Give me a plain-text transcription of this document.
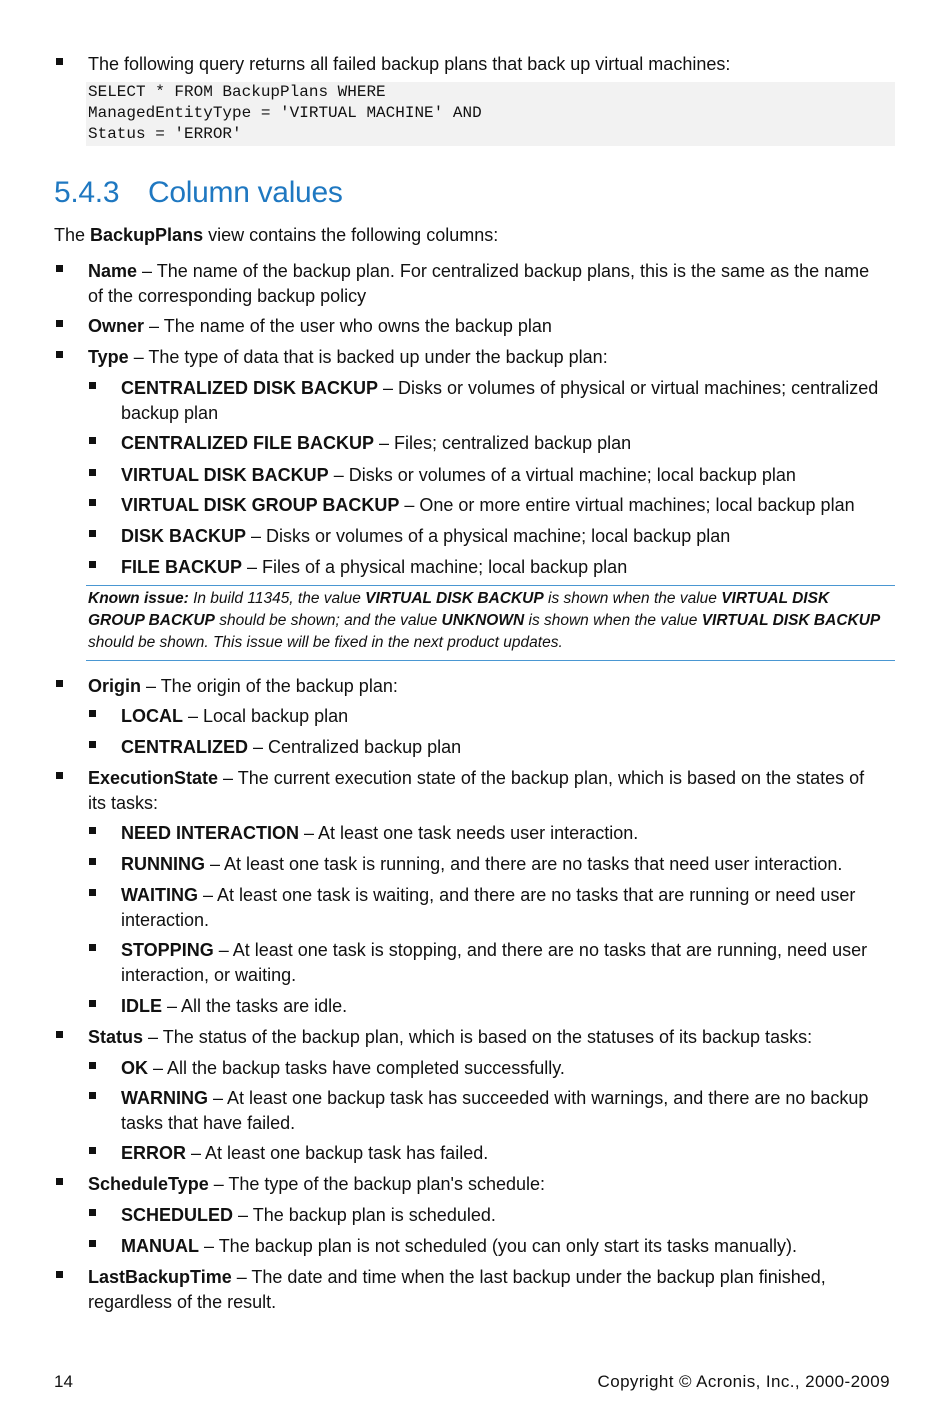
The following query returns all failed backup plans that back up virtual machines:
SELECT * FROM BackupPlans WHERE
ManagedEntityType = 'VIRTUAL MACHINE' AND
Status = 'ERROR'
5.4.3 Column values
The BackupPlans view contains the following columns:
Name – The name of the backup plan. For centralized backup plans, this is the same as the name
of the corresponding backup policy
Owner – The name of the user who owns the backup plan
Type – The type of data that is backed up under the backup plan:
CENTRALIZED DISK BACKUP – Disks or volumes of physical or virtual machines; centralized
backup plan
CENTRALIZED FILE BACKUP – Files; centralized backup plan
VIRTUAL DISK BACKUP – Disks or volumes of a virtual machine; local backup plan
VIRTUAL DISK GROUP BACKUP – One or more entire virtual machines; local backup plan
DISK BACKUP – Disks or volumes of a physical machine; local backup plan
FILE BACKUP – Files of a physical machine; local backup plan
Known issue: In build 11345, the value VIRTUAL DISK BACKUP is shown when the value VIRTUAL DISK GROUP BACKUP should be shown; and the value UNKNOWN is shown when the value VIRTUAL DISK BACKUP should be shown. This issue will be fixed in the next product updates.
Origin – The origin of the backup plan:
LOCAL – Local backup plan
CENTRALIZED – Centralized backup plan
ExecutionState – The current execution state of the backup plan, which is based on the states of
its tasks:
NEED INTERACTION – At least one task needs user interaction.
RUNNING – At least one task is running, and there are no tasks that need user interaction.
WAITING – At least one task is waiting, and there are no tasks that are running or need user
interaction.
STOPPING – At least one task is stopping, and there are no tasks that are running, need user
interaction, or waiting.
IDLE – All the tasks are idle.
Status – The status of the backup plan, which is based on the statuses of its backup tasks:
OK – All the backup tasks have completed successfully.
WARNING – At least one backup task has succeeded with warnings, and there are no backup
tasks that have failed.
ERROR – At least one backup task has failed.
ScheduleType – The type of the backup plan's schedule:
SCHEDULED – The backup plan is scheduled.
MANUAL – The backup plan is not scheduled (you can only start its tasks manually).
LastBackupTime – The date and time when the last backup under the backup plan finished,
regardless of the result.
14	Copyright © Acronis, Inc., 2000-2009
